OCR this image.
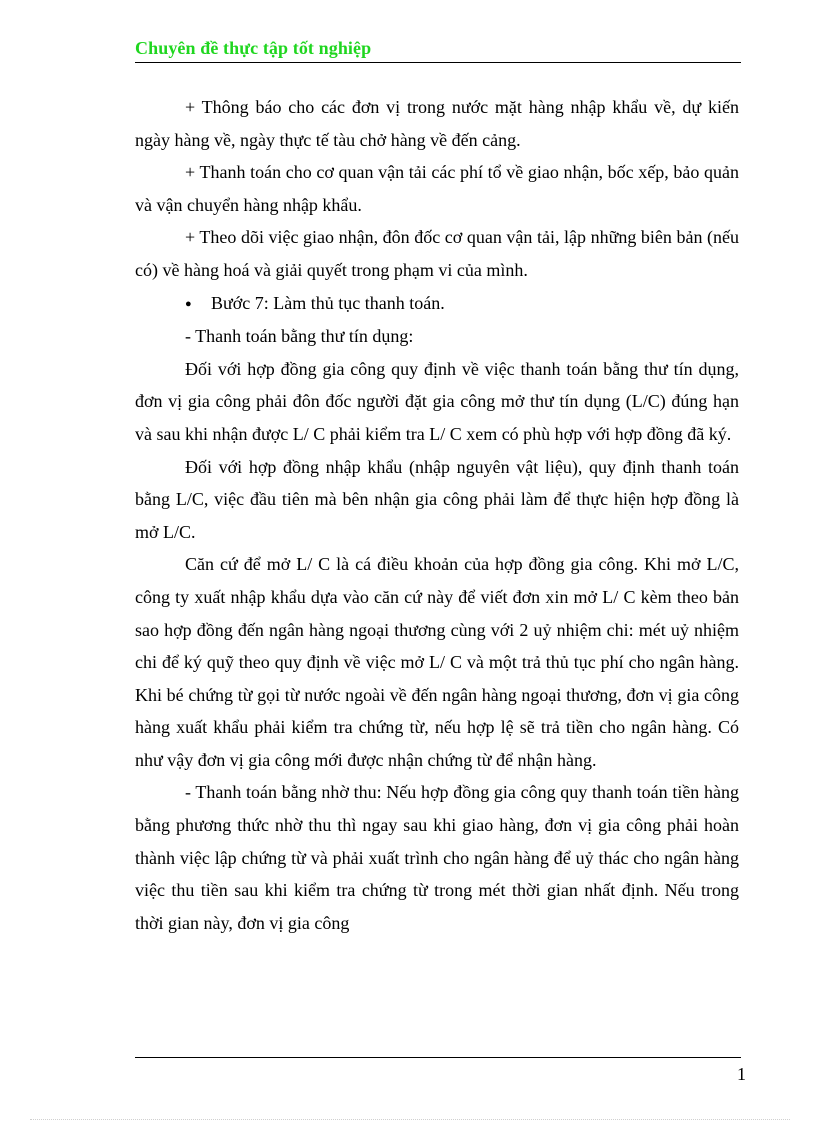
Chuyên đề thực tập tốt nghiệp

+ Thông báo cho các đơn vị trong nước mặt hàng nhập khẩu về, dự kiến ngày hàng về, ngày thực tế tàu chở hàng về đến cảng.

+ Thanh toán cho cơ quan vận tải các phí tổ về giao nhận, bốc xếp, bảo quản và vận chuyển hàng nhập khẩu.

+ Theo dõi việc giao nhận, đôn đốc cơ quan vận tải, lập những biên bản (nếu có) về hàng hoá và giải quyết trong phạm vi của mình.

● Bước 7: Làm thủ tục thanh toán.

- Thanh toán bằng thư tín dụng:

Đối với hợp đồng gia công quy định về việc thanh toán bằng thư tín dụng, đơn vị gia công phải đôn đốc người đặt gia công mở thư tín dụng (L/C) đúng hạn và sau khi nhận được L/ C phải kiểm tra L/ C xem có phù hợp với hợp đồng đã ký.

Đối với hợp đồng nhập khẩu (nhập nguyên vật liệu), quy định thanh toán bằng L/C, việc đầu tiên mà bên nhận gia công phải làm để thực hiện hợp đồng là mở L/C.

Căn cứ để mở L/ C là cá điều khoản của hợp đồng gia công. Khi mở L/C, công ty xuất nhập khẩu dựa vào căn cứ này để viết đơn xin mở L/ C kèm theo bản sao hợp đồng đến ngân hàng ngoại thương cùng với 2 uỷ nhiệm chi: mét uỷ nhiệm chi để ký quỹ theo quy định về việc mở L/ C và một trả thủ tục phí cho ngân hàng. Khi bé chứng từ gọi từ nước ngoài về đến ngân hàng ngoại thương, đơn vị gia công hàng xuất khẩu phải kiểm tra chứng từ, nếu hợp lệ sẽ trả tiền cho ngân hàng. Có như vậy đơn vị gia công mới được nhận chứng từ để nhận hàng.

- Thanh toán bằng nhờ thu: Nếu hợp đồng gia công quy thanh toán tiền hàng bằng phương thức nhờ thu thì ngay sau khi giao hàng, đơn vị gia công phải hoàn thành việc lập chứng từ và phải xuất trình cho ngân hàng để uỷ thác cho ngân hàng việc thu tiền sau khi kiểm tra chứng từ trong mét thời gian nhất định. Nếu trong thời gian này, đơn vị gia công

1
